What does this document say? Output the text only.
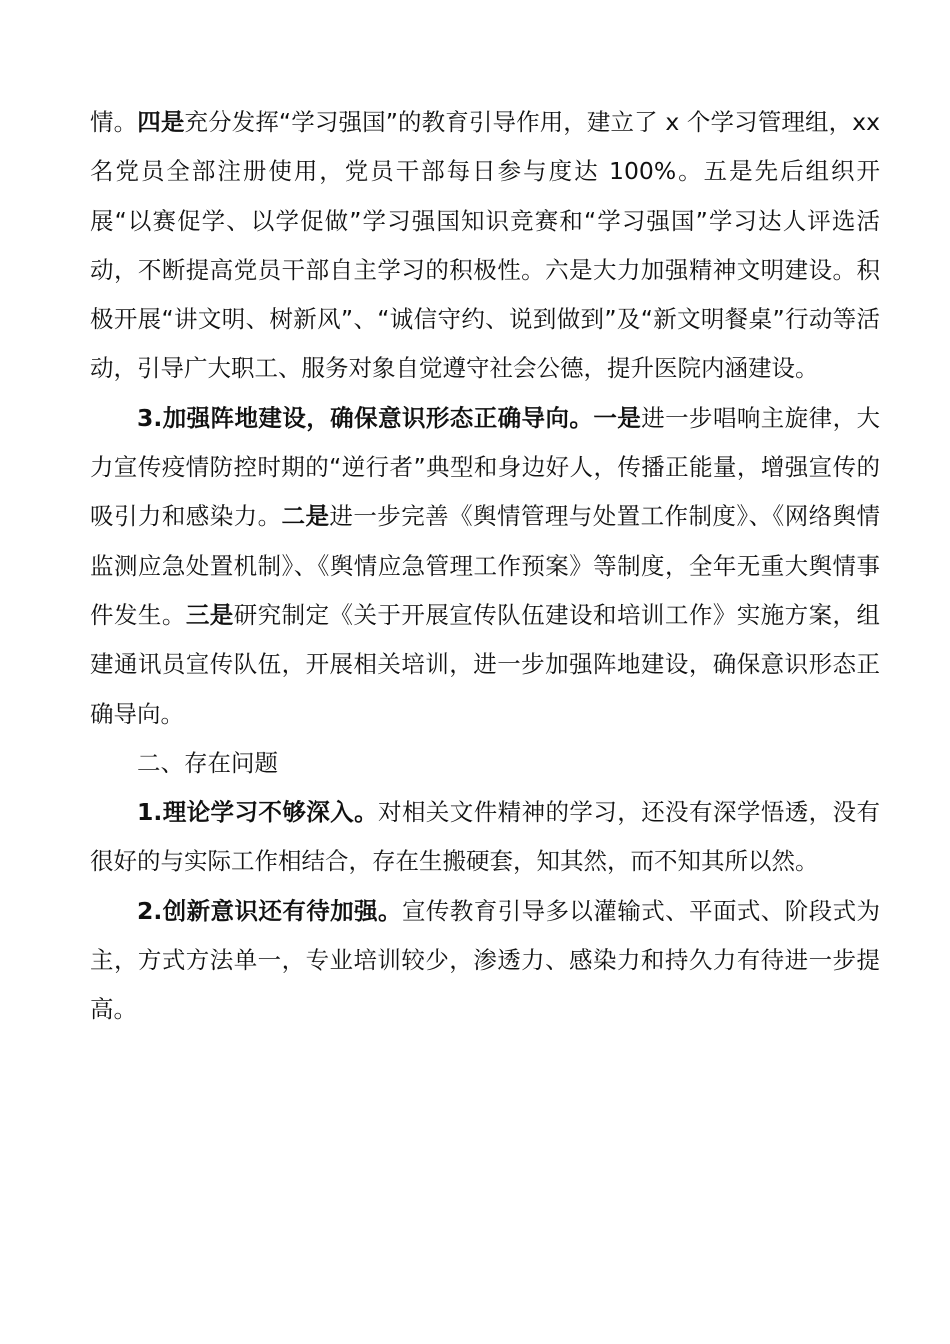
情。四是充分发挥“学习强国”的教育引导作用，建立了 x 个学习管理组，xx 名党员全部注册使用，党员干部每日参与度达 100%。五是先后组织开展“以赛促学、以学促做”学习强国知识竞赛和“学习强国”学习达人评选活动，不断提高党员干部自主学习的积极性。六是大力加强精神文明建设。积极开展“讲文明、树新风”、“诚信守约、说到做到”及“新文明餐桌”行动等活动，引导广大职工、服务对象自觉遵守社会公德，提升医院内涵建设。

3.加强阵地建设，确保意识形态正确导向。一是进一步唱响主旋律，大力宣传疫情防控时期的“逆行者”典型和身边好人，传播正能量，增强宣传的吸引力和感染力。二是进一步完善《舆情管理与处置工作制度》、《网络舆情监测应急处置机制》、《舆情应急管理工作预案》等制度，全年无重大舆情事件发生。三是研究制定《关于开展宣传队伍建设和培训工作》实施方案，组建通讯员宣传队伍，开展相关培训，进一步加强阵地建设，确保意识形态正确导向。

二、存在问题

1.理论学习不够深入。对相关文件精神的学习，还没有深学悟透，没有很好的与实际工作相结合，存在生搬硬套，知其然，而不知其所以然。

2.创新意识还有待加强。宣传教育引导多以灌输式、平面式、阶段式为主，方式方法单一，专业培训较少，渗透力、感染力和持久力有待进一步提高。
